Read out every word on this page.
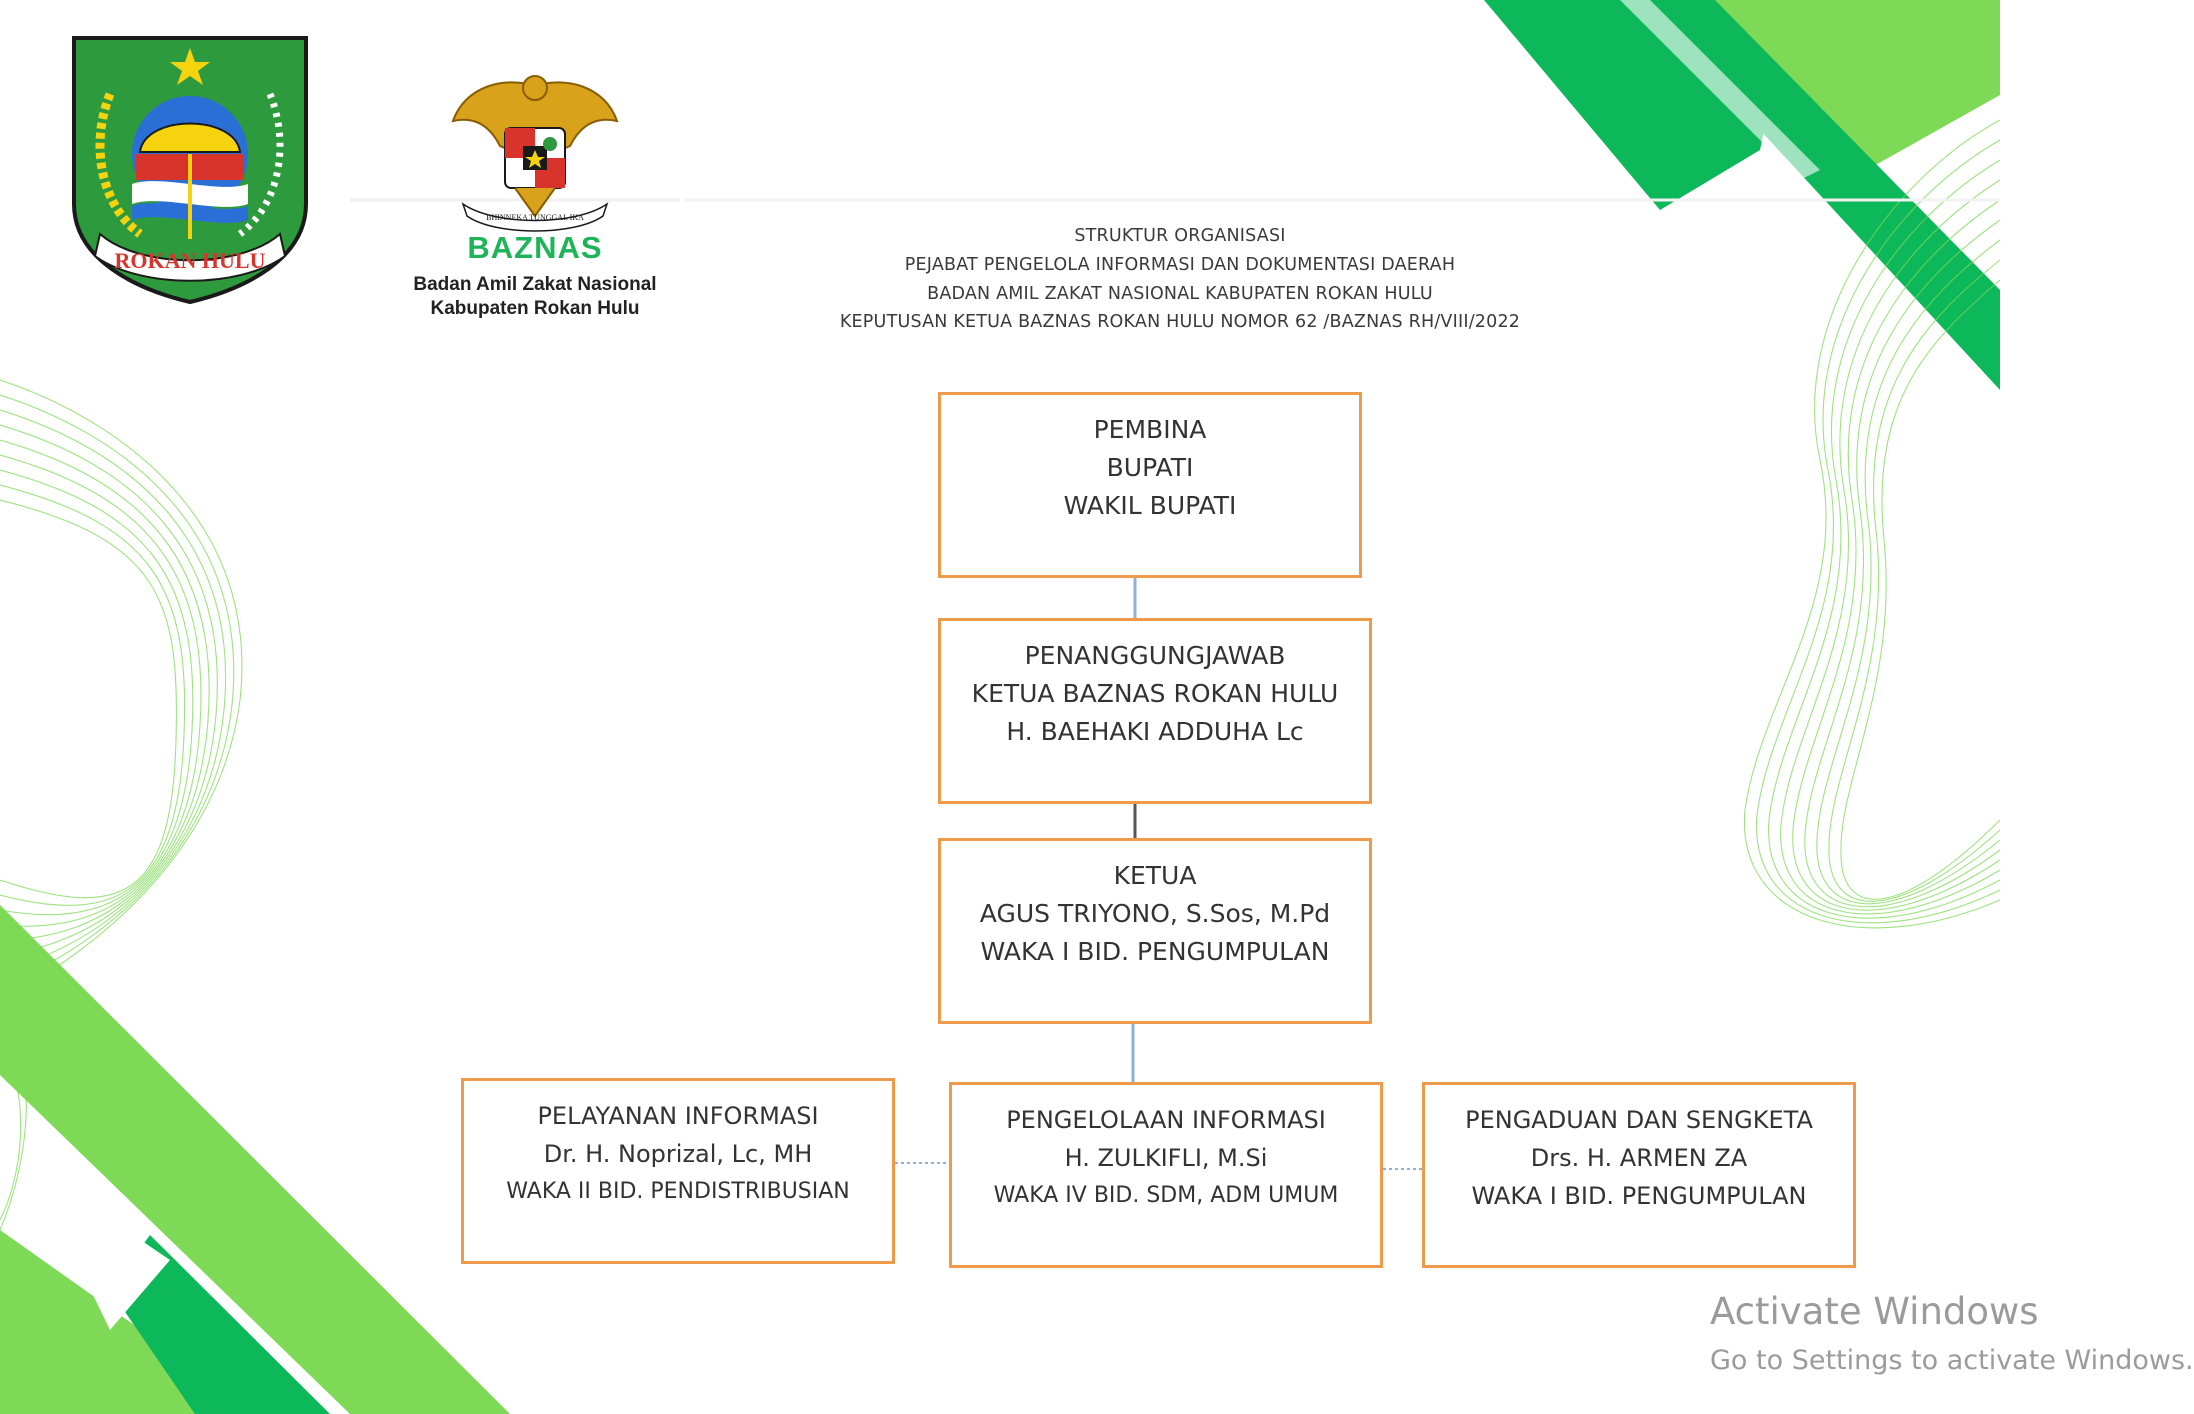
ROKAN HULU
BHINNEKA TUNGGAL IKA
BAZNAS
Badan Amil Zakat Nasional
Kabupaten Rokan Hulu
STRUKTUR ORGANISASI
PEJABAT PENGELOLA INFORMASI DAN DOKUMENTASI DAERAH
BADAN AMIL ZAKAT NASIONAL KABUPATEN ROKAN HULU
KEPUTUSAN KETUA BAZNAS ROKAN HULU NOMOR 62 /BAZNAS RH/VIII/2022
PEMBINA
BUPATI
WAKIL BUPATI
PENANGGUNGJAWAB
KETUA BAZNAS ROKAN HULU
H. BAEHAKI ADDUHA Lc
KETUA
AGUS TRIYONO, S.Sos, M.Pd
WAKA I BID. PENGUMPULAN
PELAYANAN INFORMASI
Dr. H. Noprizal, Lc, MH
WAKA II BID. PENDISTRIBUSIAN
PENGELOLAAN INFORMASI
H. ZULKIFLI, M.Si
WAKA IV BID. SDM, ADM UMUM
PENGADUAN DAN SENGKETA
Drs. H. ARMEN ZA
WAKA I BID. PENGUMPULAN
Activate Windows
Go to Settings to activate Windows.
